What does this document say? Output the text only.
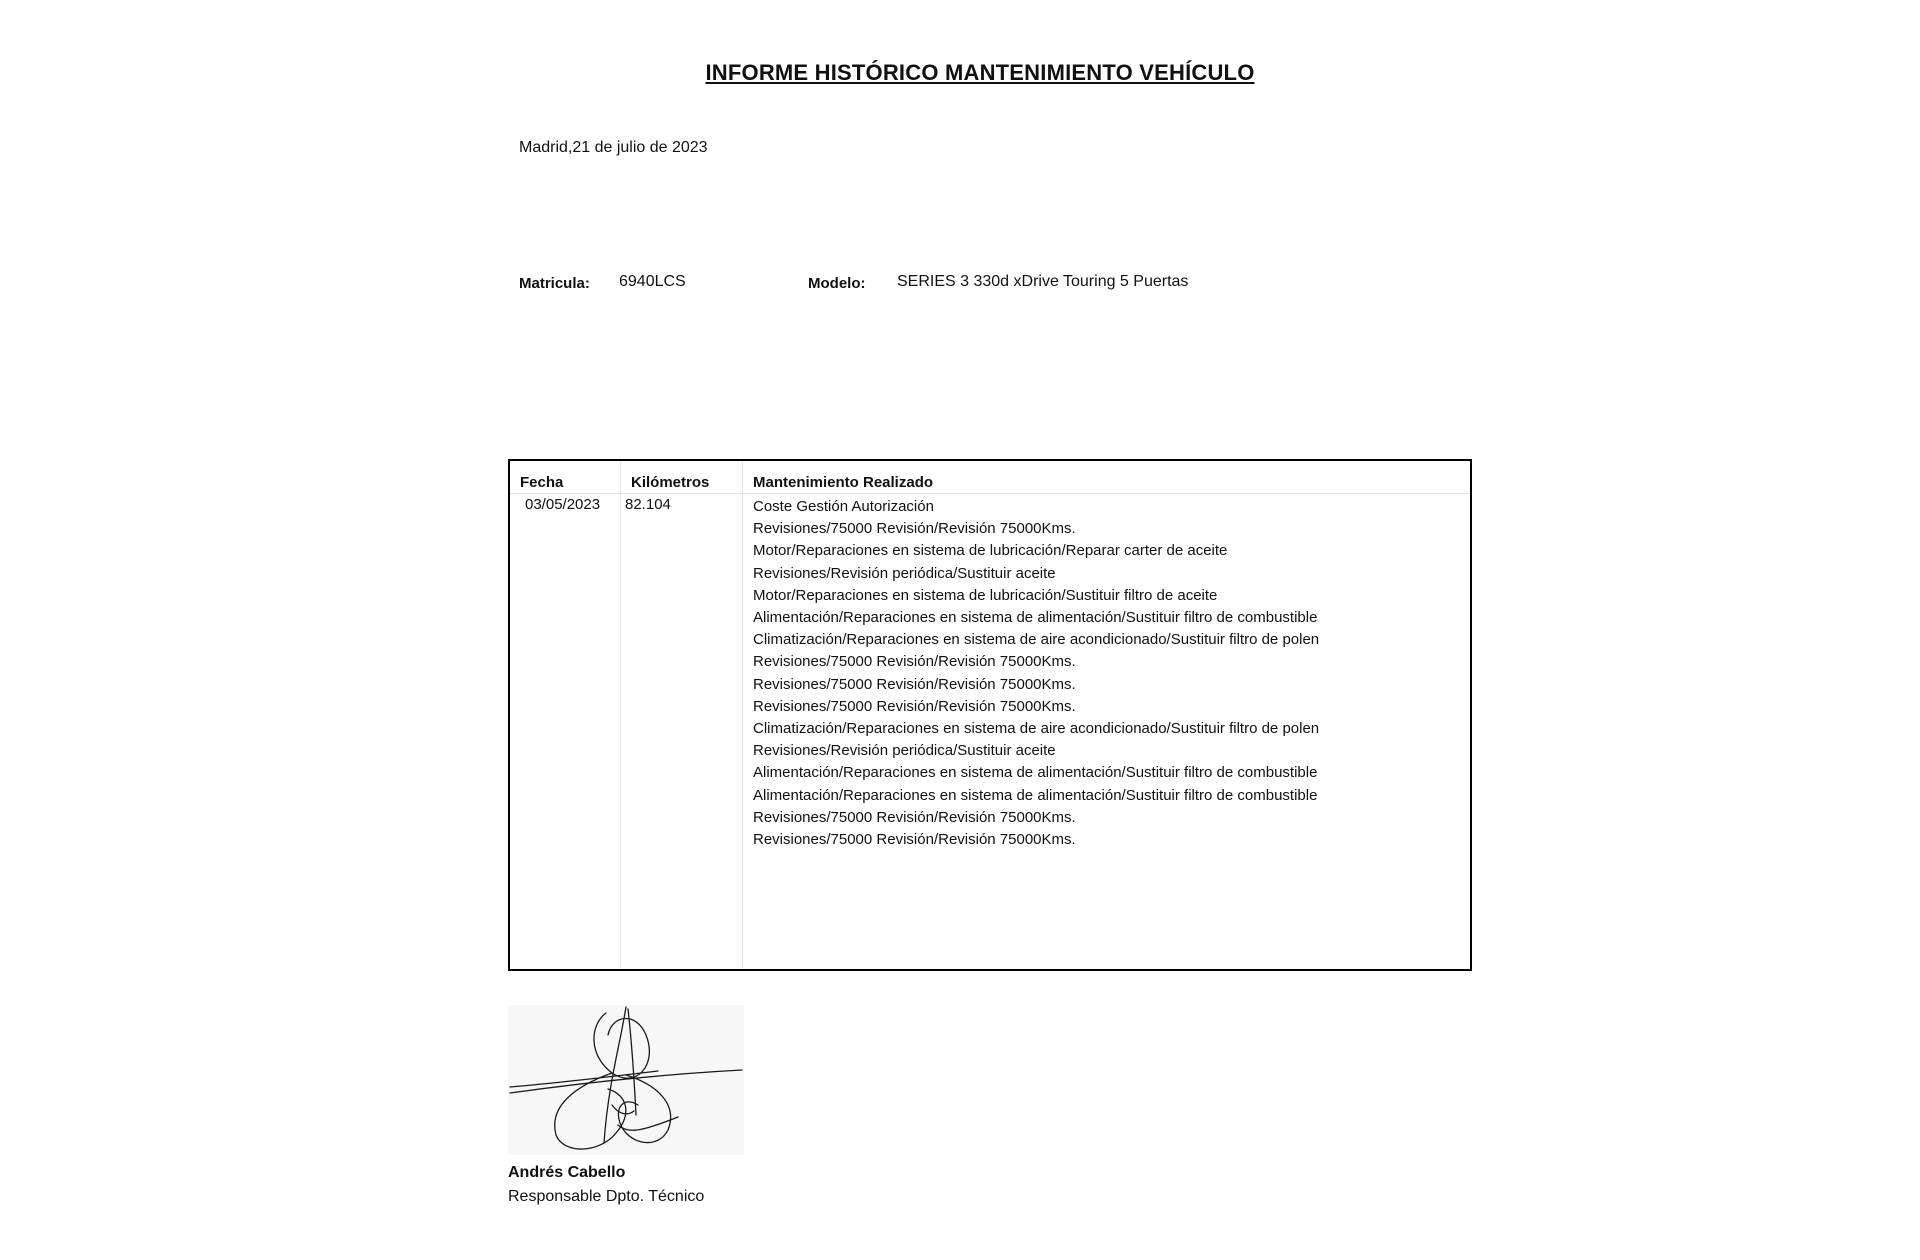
INFORME HISTÓRICO MANTENIMIENTO VEHÍCULO
Madrid,21 de julio de 2023
Matricula: 6940LCS	Modelo: SERIES 3 330d xDrive Touring 5 Puertas
Fecha	Kilómetros	Mantenimiento Realizado
03/05/2023 82.104	Coste Gestión Autorización
Revisiones/75000 Revisión/Revisión 75000Kms.
Motor/Reparaciones en sistema de lubricación/Reparar carter de aceite
Revisiones/Revisión periódica/Sustituir aceite
Motor/Reparaciones en sistema de lubricación/Sustituir filtro de aceite
Alimentación/Reparaciones en sistema de alimentación/Sustituir filtro de combustible
Climatización/Reparaciones en sistema de aire acondicionado/Sustituir filtro de polen
Revisiones/75000 Revisión/Revisión 75000Kms.
Revisiones/75000 Revisión/Revisión 75000Kms.
Revisiones/75000 Revisión/Revisión 75000Kms.
Climatización/Reparaciones en sistema de aire acondicionado/Sustituir filtro de polen
Revisiones/Revisión periódica/Sustituir aceite
Alimentación/Reparaciones en sistema de alimentación/Sustituir filtro de combustible
Alimentación/Reparaciones en sistema de alimentación/Sustituir filtro de combustible
Revisiones/75000 Revisión/Revisión 75000Kms.
Revisiones/75000 Revisión/Revisión 75000Kms.
Andrés Cabello
Responsable Dpto. Técnico
